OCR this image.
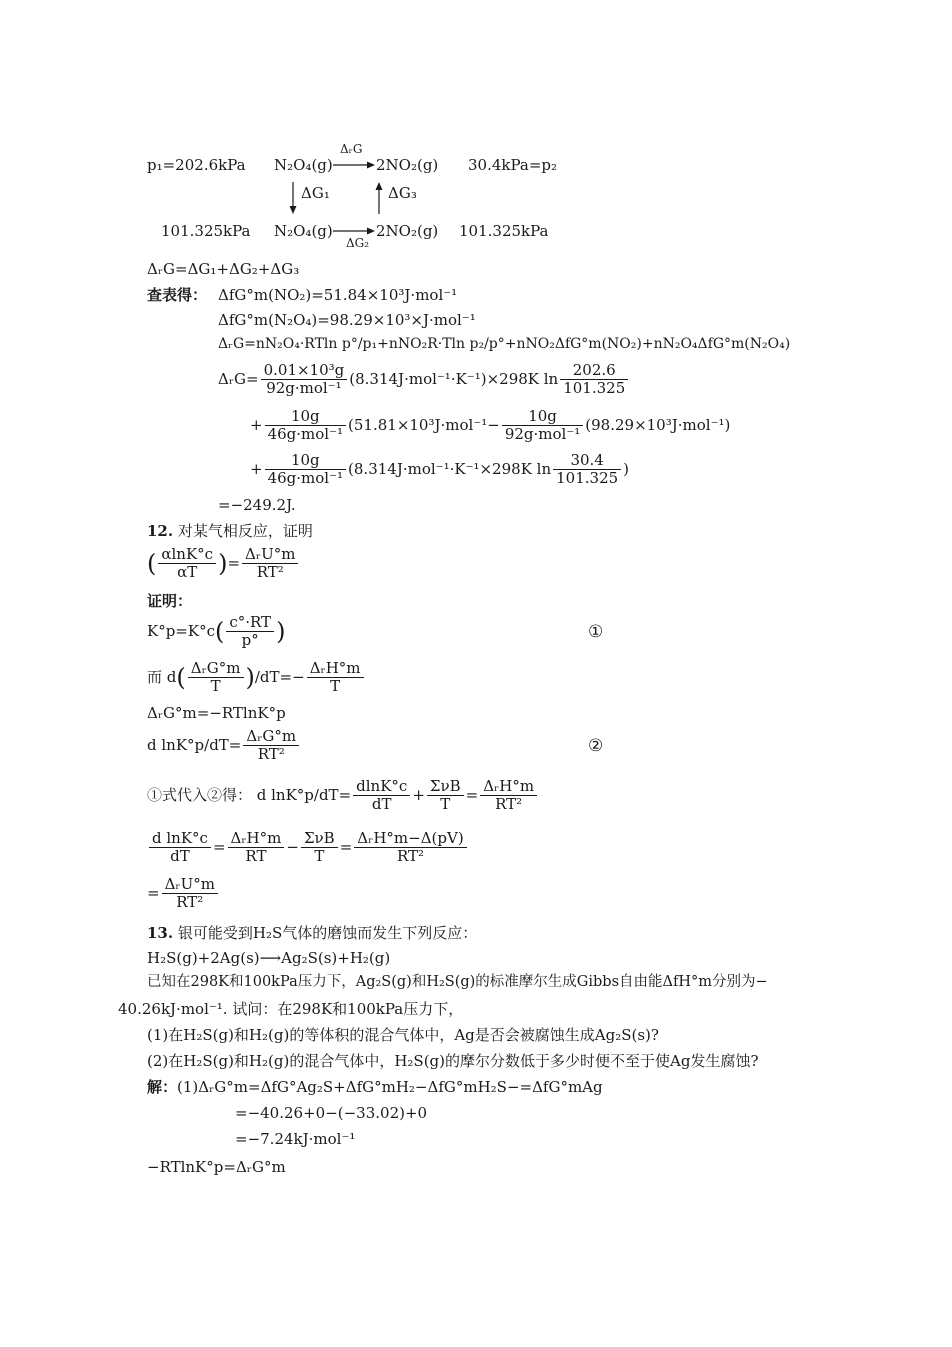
p₁=202.6kPa N₂O₄(g)
ΔᵣG
2NO₂(g) 30.4kPa=p₂
ΔG₁	ΔG₃
101.325kPa N₂O₄(g)
ΔG₂
2NO₂(g) 101.325kPa
ΔᵣG=ΔG₁+ΔG₂+ΔG₃
查表得： ΔfG°m(NO₂)=51.84×10³J·mol⁻¹
ΔfG°m(N₂O₄)=98.29×10³×J·mol⁻¹
ΔᵣG=nN₂O₄·RTln p°/p₁+nNO₂R·Tln p₂/p°+nNO₂ΔfG°m(NO₂)+nN₂O₄ΔfG°m(N₂O₄)
ΔᵣG= $\frac{\text{0.01×10³g}}{\text{92g·mol⁻¹}} (8.314J\cdot mol^{-1}\cdot K^{-1})\times 298K$ $\ln \frac{202.6}{101.325}$
+ $\frac{10g}{\text{46g·mol⁻¹}} (51.81\times 10^3J\cdot mol^{-1}- \frac{10g}{\text{92g·mol⁻¹}} (98.29\times 10^3J\cdot mol^{-1})$
+ $\frac{10g}{\text{46g·mol⁻¹}} (8.314J\cdot mol^{-1}\cdot K^{-1}\times 298K$ $\ln \frac{30.4}{101.325}$ )
=−249.2J.
12. 对某气相反应，证明
( $\frac{\alpha\ln K^\circ c}{\alpha T}$ )= $\frac{\text{ΔᵣU°m}}{\text{RT²}}$
证明：
$K^\circ p=K^\circ c( \frac{c^\circ\cdot RT}{p^\circ}$ )	①
而 $d( \frac{\text{ΔᵣG°m}}{T} )/dT=- \frac{\text{ΔᵣH°m}}{T}$
ΔᵣG°m=−RTlnK°p
d $\ln K^\circ p/dT= \frac{\text{ΔᵣG°m}}{\text{RT²}}$	②
①式代入②得： d $\ln K^\circ p/dT= \frac{dlnK^\circ c}{dT} + \frac{\text{ΣνB}}{T} = \frac{\text{ΔᵣH°m}}{\text{RT²}}$
$\frac{\text{d lnK°c}}{dT} = \frac{\text{ΔᵣH°m}}{RT} - \frac{\text{ΣνB}}{T} = \frac{\text{ΔᵣH°m−Δ(pV)}}{\text{RT²}}$
= $\frac{\text{ΔᵣU°m}}{\text{RT²}}$
13. 银可能受到H₂S气体的磨蚀而发生下列反应：
H₂S(g)+2Ag(s)⟶Ag₂S(s)+H₂(g)
已知在298K和100kPa压力下，Ag₂S(g)和H₂S(g)的标准摩尔生成Gibbs自由能ΔfH°m分别为−
40.26kJ·mol⁻¹. 试问：在298K和100kPa压力下，
(1)在H₂S(g)和H₂(g)的等体积的混合气体中，Ag是否会被腐蚀生成Ag₂S(s)?
(2)在H₂S(g)和H₂(g)的混合气体中，H₂S(g)的摩尔分数低于多少时便不至于使Ag发生腐蚀?
解：(1)ΔᵣG°m=ΔfG°Ag₂S+ΔfG°mH₂−ΔfG°mH₂S−=ΔfG°mAg
=−40.26+0−(−33.02)+0
=−7.24kJ·mol⁻¹
−RTlnK°p=ΔᵣG°m
